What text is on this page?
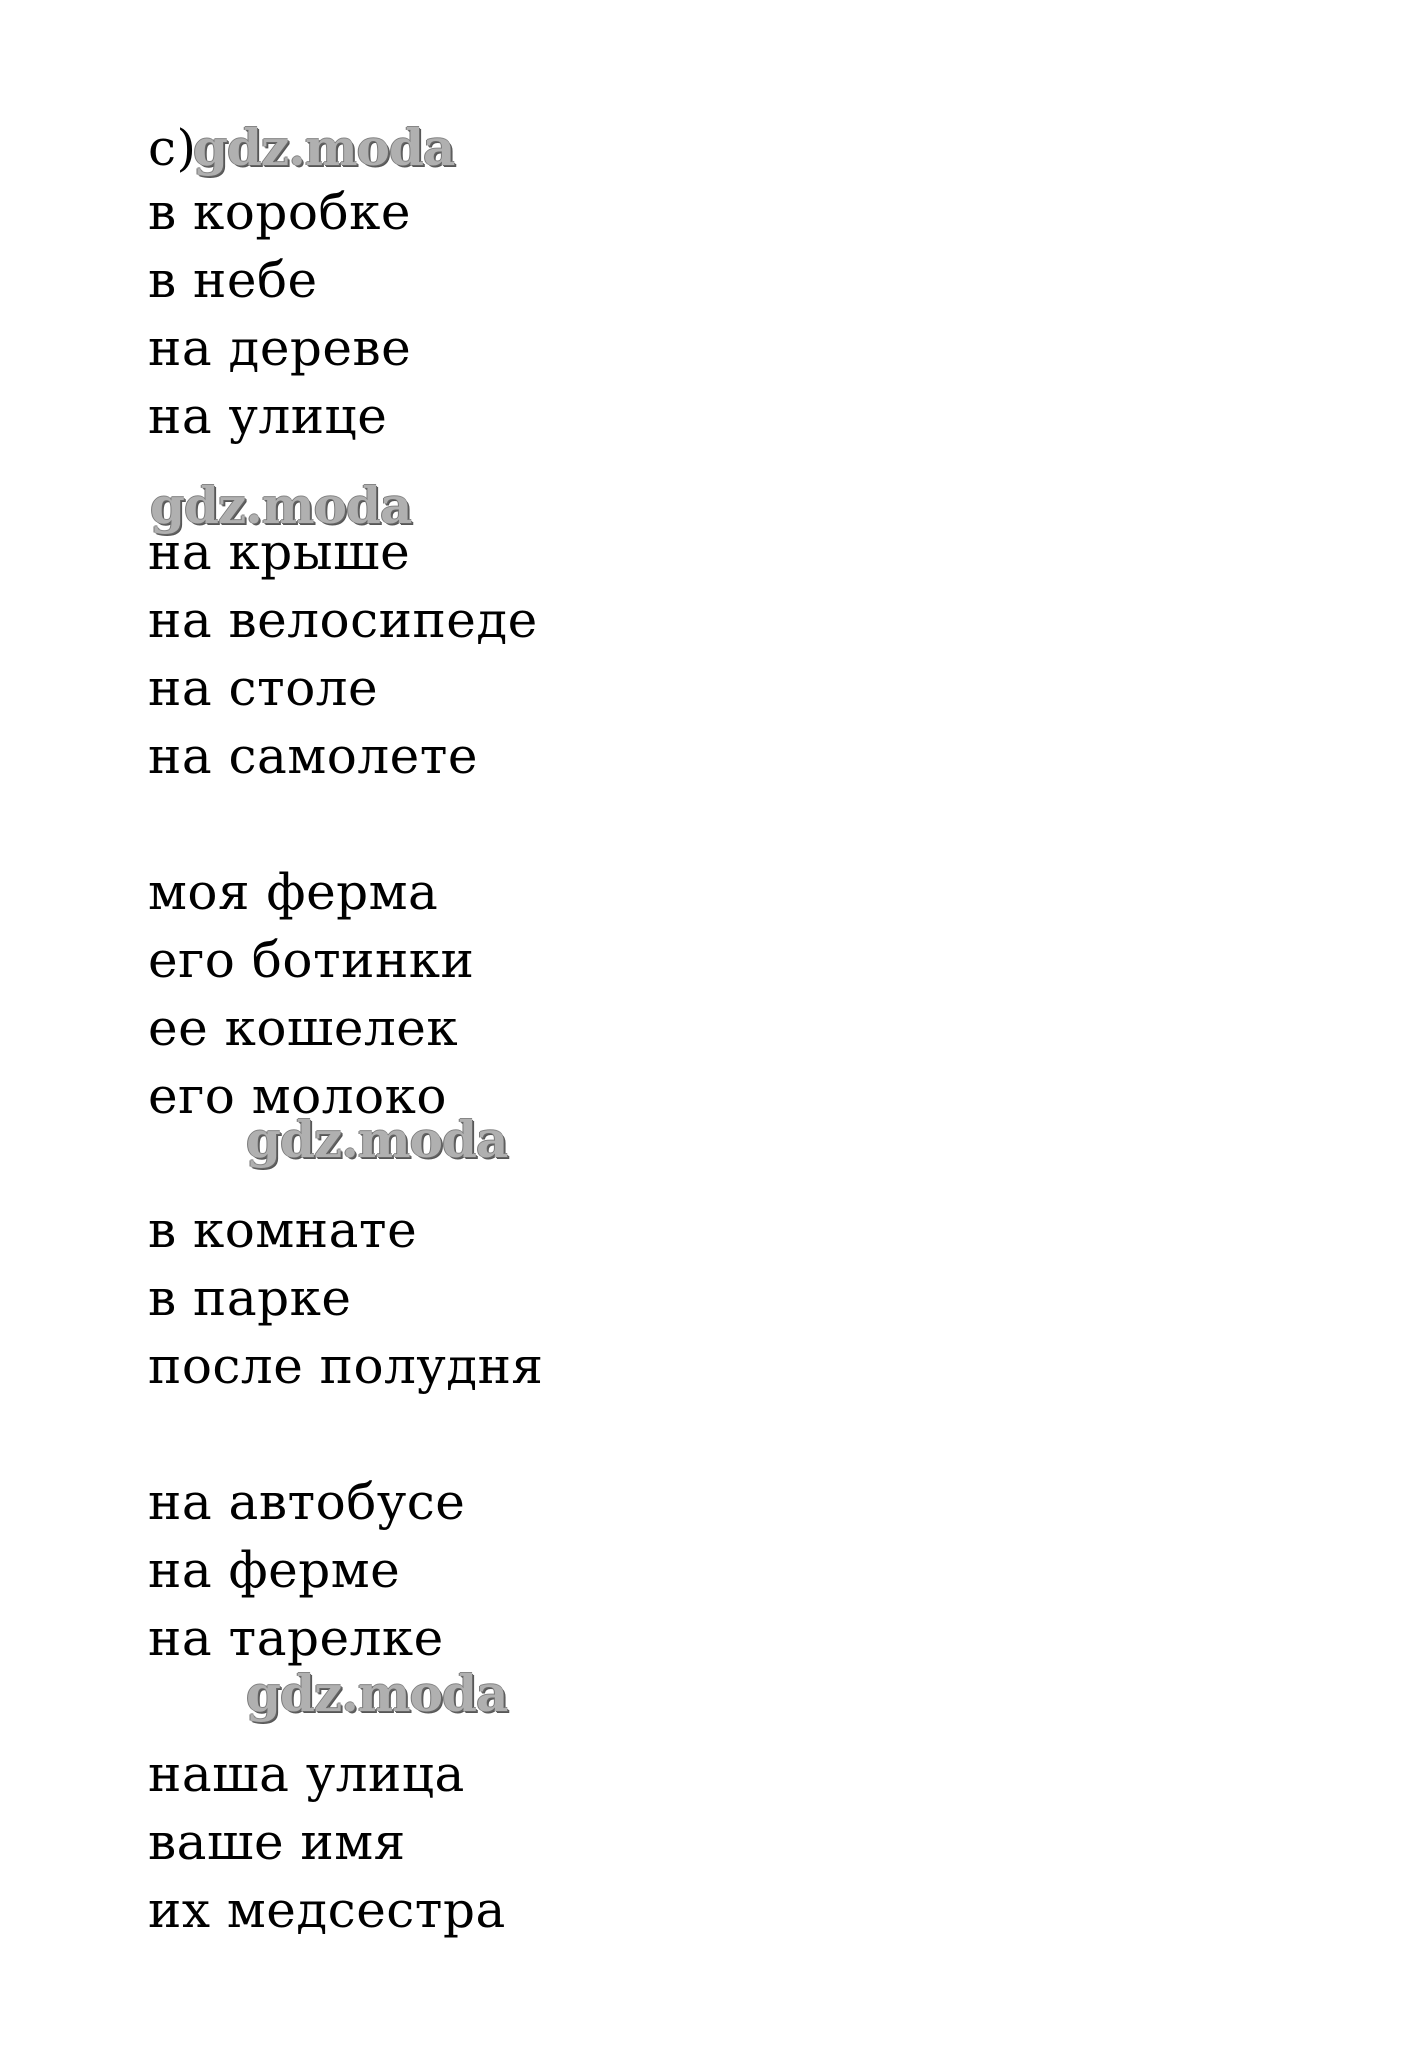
c)
gdz.moda
в коробке
в небе
на дереве
на улице
gdz.moda
на крыше
на велосипеде
на столе
на самолете
моя ферма
его ботинки
ее кошелек
его молоко
gdz.moda
в комнате
в парке
после полудня
на автобусе
на ферме
на тарелке
gdz.moda
наша улица
ваше имя
их медсестра
